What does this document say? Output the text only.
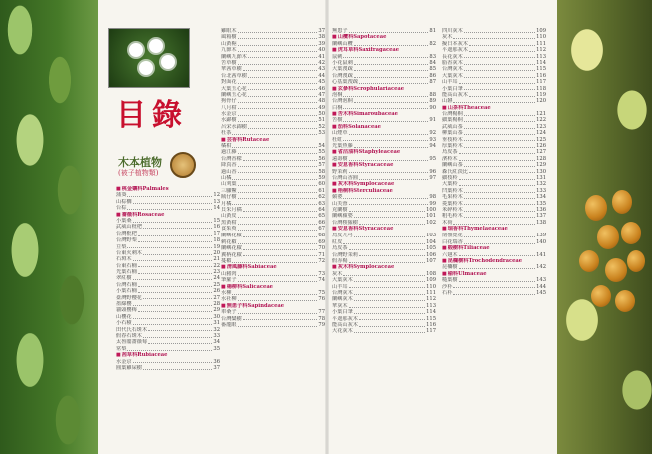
目錄
木本植物
(被子植物類)
■ 桃金孃科Palmales
蒲葵	12
山棕櫚	13
台棕	14
■ 薔薇科Rosaceae
小葉桑	15
武威山枇杷	16
台灣枇杷	17
台灣野梨	18
豆梨	19
台東火刺木	20
石斑木	21
台東石楠	22
光葉石楠	23
翠紅樹	24
台灣石楠	25
小葉石楠	26
臺灣野櫻花	27
墨綠櫻	28
貓頭櫻梅	29
山櫻花	30
小石積	31
田代氏石斑木	32
假春石斑木	33
太魯閣薔薇莓	34
常梨	35
■ 茜草科Rubiaceae
水金京	36
圓葉雞屎樹	37
雞眼木	37
風箱樹	38
山黃梔	39
九節木	40
蘭嶼九節木	41
苦草樹	42
華茜草樹	43
台北茜草樹	44
對面花	45
大葉玉心花	46
蘭嶼玉心花	47
狗骨仔	48
八月柑	49
水金京	50
水錦樹	51
呂宋水錦樹	52
杜茶	53
■ 芸香科Rutaceae
橘柑	54
過江藤	55
台灣香檬	56
降真香	57
過山香	58
山橘	59
山刈葉	60
三腳鱉	61
賊仔樹	62
月橘	63
貝朱月橘	64
山黃皮	65
黑黃柑	66
食茱萸	67
蘭嶼花椒	68
刺花椒	69
蘭嶼花椒	70
翼柄花椒	71
蔓椒	72
■ 清風藤科Sabiaceae
山豬肉	73
筆羅子	74
■ 楊柳科Salicaceae
水柳	75
水社柳	76
■ 無患子科Sapindaceae
車桑子	77
台灣欒樹	78
番龍眼	79
無患子	81
■ 山欖科Sapotaceae
蘭嶼山欖	82
■ 虎耳草科Saxifragaceae
鼠刺	83
小花鼠刺	84
大葉溲疏	85
台灣溲疏	86
心基葉溲疏	87
■ 玄參科Scrophulariaceae
泡桐	88
台灣泡桐	89
白桐	90
■ 苦木科Simaroubaceae
苦樹	91
■ 茄科Solanaceae
山煙草	92
杜虹	93
光葉魚藤	94
■ 省沽油科Staphyleaceae
遠壽樹	95
■ 安息香科Styracaceae
野茉莉	96
台灣山香圓	97
■ 灰木科Symplocaceae
■ 梧桐科Sterculiaceae
蘋婆	98
山芙蓉	99
克蘭樹	100
蘭嶼蘋婆	101
台灣梭羅樹	102
■ 安息香科Styracaceae
烏皮九芎	103
紅皮	104
烏皮茶	105
台灣野茉莉	106
假赤楊	107
■ 灰木科Symplocaceae
灰木	108
大葉灰木	109
山羊耳	110
台灣灰木	111
蘭嶼灰木	112
華灰木	113
小葉白筆	114
平遮那灰木	115
能高山灰木	116
大花灰木	117
四川灰木	109
灰木	110
擬日本灰木	111
平遮那灰木	112
長花灰木	113
脂香灰木	114
台灣灰木	115
大葉灰木	116
山羊耳	117
小葉白筆	118
能高山灰木	119
山礬	120
■ 山茶科Theaceae
台灣楊桐	121
細葉楊桐	122
武威山茶	123
柳葉山茶	124
垂枝柃木	125
厚葉柃木	126
烏皮茶	127
濱柃木	128
蘭嶼山茶	129
森氏紅淡比	130
細枝柃	131
大葉柃	132
凹葉柃木	133
毛果柃木	134
菱葉柃木	135
米碎柃木	136
粗毛柃木	137
木荷	138
■ 瑞香科Thymelaeaceae
南嶺蕘花	139
白花瑞香	140
■ 椴樹科Tiliaceae
六翅木	141
■ 昆欄樹科Trochodendraceae
昆欄樹	142
■ 榆科Ulmaceae
糙葉樹	143
沙朴	144
石朴	145
